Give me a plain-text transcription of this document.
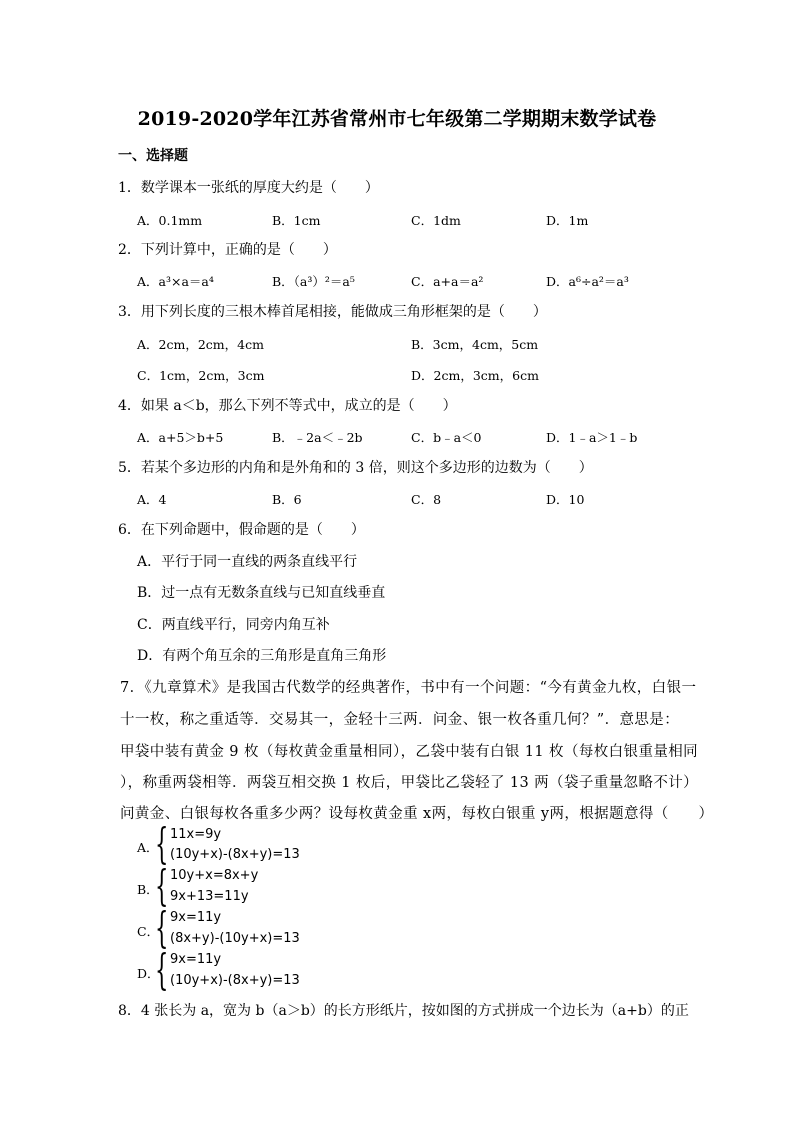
2019-2020学年江苏省常州市七年级第二学期期末数学试卷
一、选择题
1．数学课本一张纸的厚度大约是（　　）
A．0.1mm	B．1cm	C．1dm	D．1m
2．下列计算中，正确的是（　　）
A．a³×a＝a⁴	B．（a³）²＝a⁵	C．a+a＝a²	D．a⁶÷a²＝a³
3．用下列长度的三根木棒首尾相接，能做成三角形框架的是（　　）
A．2cm，2cm，4cm	B．3cm，4cm，5cm
C．1cm，2cm，3cm	D．2cm，3cm，6cm
4．如果 a＜b，那么下列不等式中，成立的是（　　）
A．a+5＞b+5	B．﹣2a＜﹣2b	C．b﹣a＜0	D．1﹣a＞1﹣b
5．若某个多边形的内角和是外角和的 3 倍，则这个多边形的边数为（　　）
A．4	B．6	C．8	D．10
6．在下列命题中，假命题的是（　　）
A．平行于同一直线的两条直线平行
B．过一点有无数条直线与已知直线垂直
C．两直线平行，同旁内角互补
D．有两个角互余的三角形是直角三角形
7．《九章算术》是我国古代数学的经典著作，书中有一个问题：“今有黄金九枚，白银一
十一枚，称之重适等．交易其一，金轻十三两．问金、银一枚各重几何？”．意思是：
甲袋中装有黄金 9 枚（每枚黄金重量相同），乙袋中装有白银 11 枚（每枚白银重量相同
），称重两袋相等．两袋互相交换 1 枚后，甲袋比乙袋轻了 13 两（袋子重量忽略不计）
问黄金、白银每枚各重多少两？设每枚黄金重 x两，每枚白银重 y两，根据题意得（　　）
A．
{ 11x=9y
(10y+x)-(8x+y)=13
B．
{ 10y+x=8x+y
9x+13=11y
C．
{ 9x=11y
(8x+y)-(10y+x)=13
D．
{ 9x=11y
(10y+x)-(8x+y)=13
8．4 张长为 a，宽为 b（a＞b）的长方形纸片，按如图的方式拼成一个边长为（a+b）的正
